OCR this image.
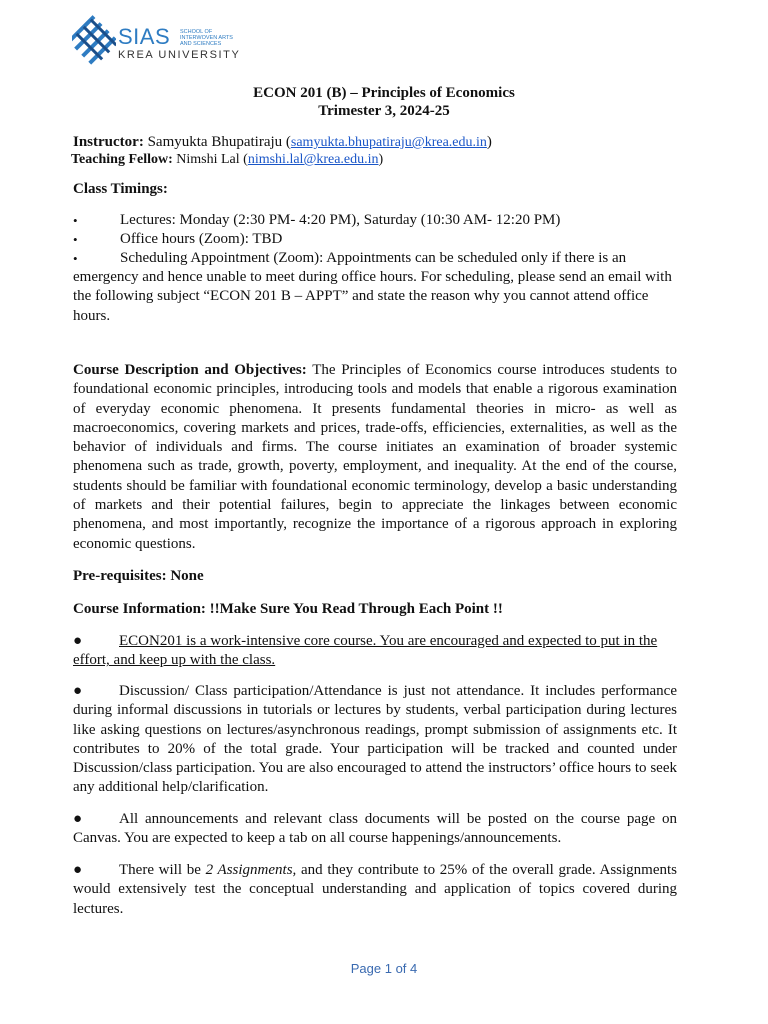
SIAS SCHOOL OF INTERWOVEN ARTS AND SCIENCES
KREA UNIVERSITY
ECON 201 (B) – Principles of Economics
Trimester 3, 2024-25
Instructor: Samyukta Bhupatiraju (samyukta.bhupatiraju@krea.edu.in)
Teaching Fellow: Nimshi Lal (nimshi.lal@krea.edu.in)
Class Timings:
•	Lectures: Monday (2:30 PM- 4:20 PM), Saturday (10:30 AM- 12:20 PM)
•	Office hours (Zoom): TBD
•	Scheduling Appointment (Zoom): Appointments can be scheduled only if there is an
emergency and hence unable to meet during office hours. For scheduling, please send an email with the following subject “ECON 201 B – APPT” and state the reason why you cannot attend office hours.
Course Description and Objectives: The Principles of Economics course introduces students to foundational economic principles, introducing tools and models that enable a rigorous examination of everyday economic phenomena. It presents fundamental theories in micro- as well as macroeconomics, covering markets and prices, trade-offs, efficiencies, externalities, as well as the behavior of individuals and firms. The course initiates an examination of broader systemic phenomena such as trade, growth, poverty, employment, and inequality. At the end of the course, students should be familiar with foundational economic terminology, develop a basic understanding of markets and their potential failures, begin to appreciate the linkages between economic phenomena, and most importantly, recognize the importance of a rigorous approach in exploring economic questions.
Pre-requisites: None
Course Information: !!Make Sure You Read Through Each Point !!
● ECON201 is a work-intensive core course. You are encouraged and expected to put in the effort, and keep up with the class.
● Discussion/ Class participation/Attendance is just not attendance. It includes performance during informal discussions in tutorials or lectures by students, verbal participation during lectures like asking questions on lectures/asynchronous readings, prompt submission of assignments etc. It contributes to 20% of the total grade. Your participation will be tracked and counted under Discussion/class participation. You are also encouraged to attend the instructors’ office hours to seek any additional help/clarification.
● All announcements and relevant class documents will be posted on the course page on Canvas. You are expected to keep a tab on all course happenings/announcements.
● There will be 2 Assignments, and they contribute to 25% of the overall grade. Assignments would extensively test the conceptual understanding and application of topics covered during lectures.
Page 1 of 4
